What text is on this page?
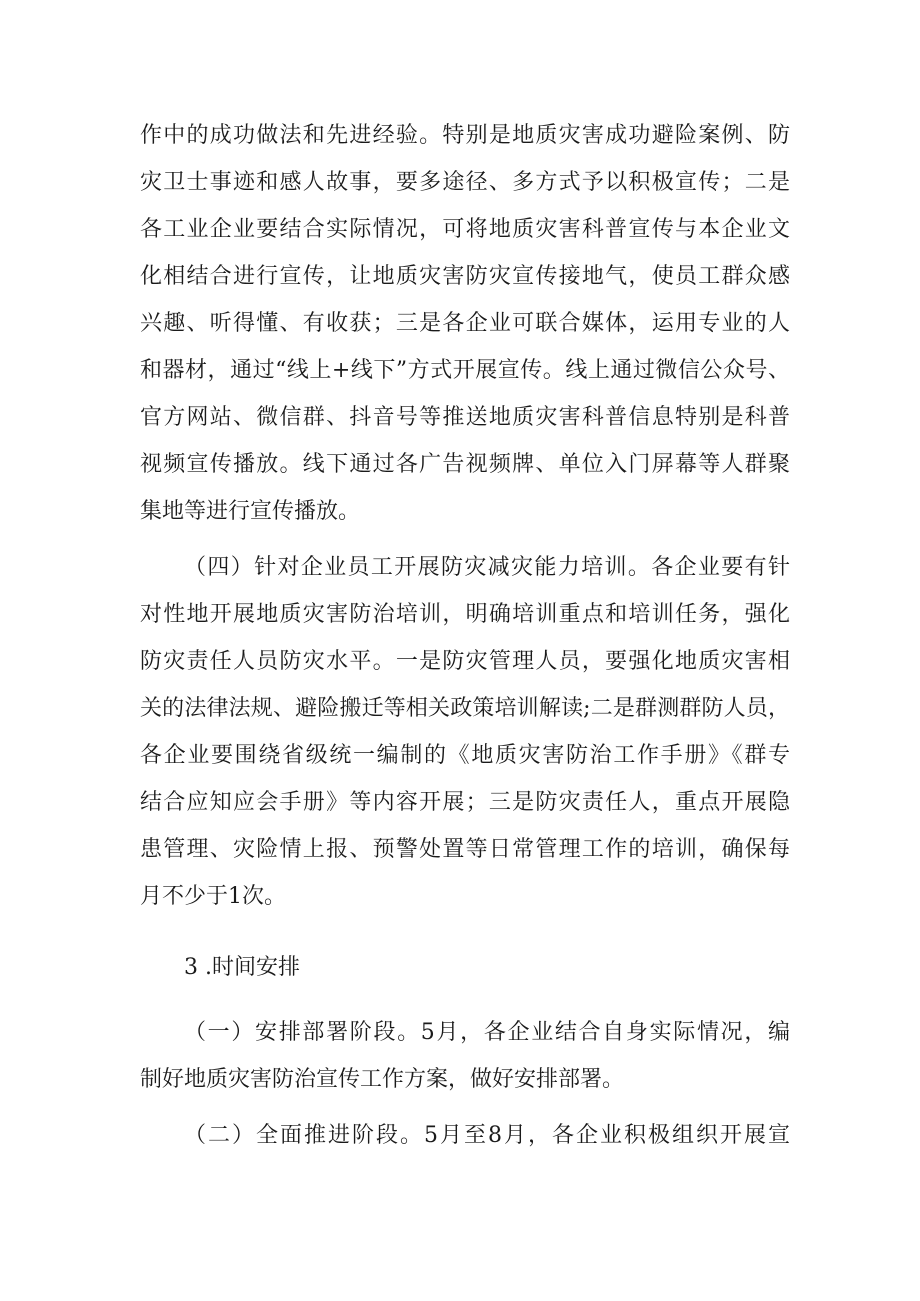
作中的成功做法和先进经验。特别是地质灾害成功避险案例、防
灾卫士事迹和感人故事，要多途径、多方式予以积极宣传；二是
各工业企业要结合实际情况，可将地质灾害科普宣传与本企业文
化相结合进行宣传，让地质灾害防灾宣传接地气，使员工群众感
兴趣、听得懂、有收获；三是各企业可联合媒体，运用专业的人
和器材，通过“线上+线下”方式开展宣传。线上通过微信公众号、
官方网站、微信群、抖音号等推送地质灾害科普信息特别是科普
视频宣传播放。线下通过各广告视频牌、单位入门屏幕等人群聚
集地等进行宣传播放。
（四）针对企业员工开展防灾减灾能力培训。各企业要有针
对性地开展地质灾害防治培训，明确培训重点和培训任务，强化
防灾责任人员防灾水平。一是防灾管理人员，要强化地质灾害相
关的法律法规、避险搬迁等相关政策培训解读;二是群测群防人员，
各企业要围绕省级统一编制的《地质灾害防治工作手册》《群专
结合应知应会手册》等内容开展；三是防灾责任人，重点开展隐
患管理、灾险情上报、预警处置等日常管理工作的培训，确保每
月不少于1次。
3 .时间安排
（一）安排部署阶段。5月，各企业结合自身实际情况，编
制好地质灾害防治宣传工作方案，做好安排部署。
（二）全面推进阶段。5月至8月，各企业积极组织开展宣
